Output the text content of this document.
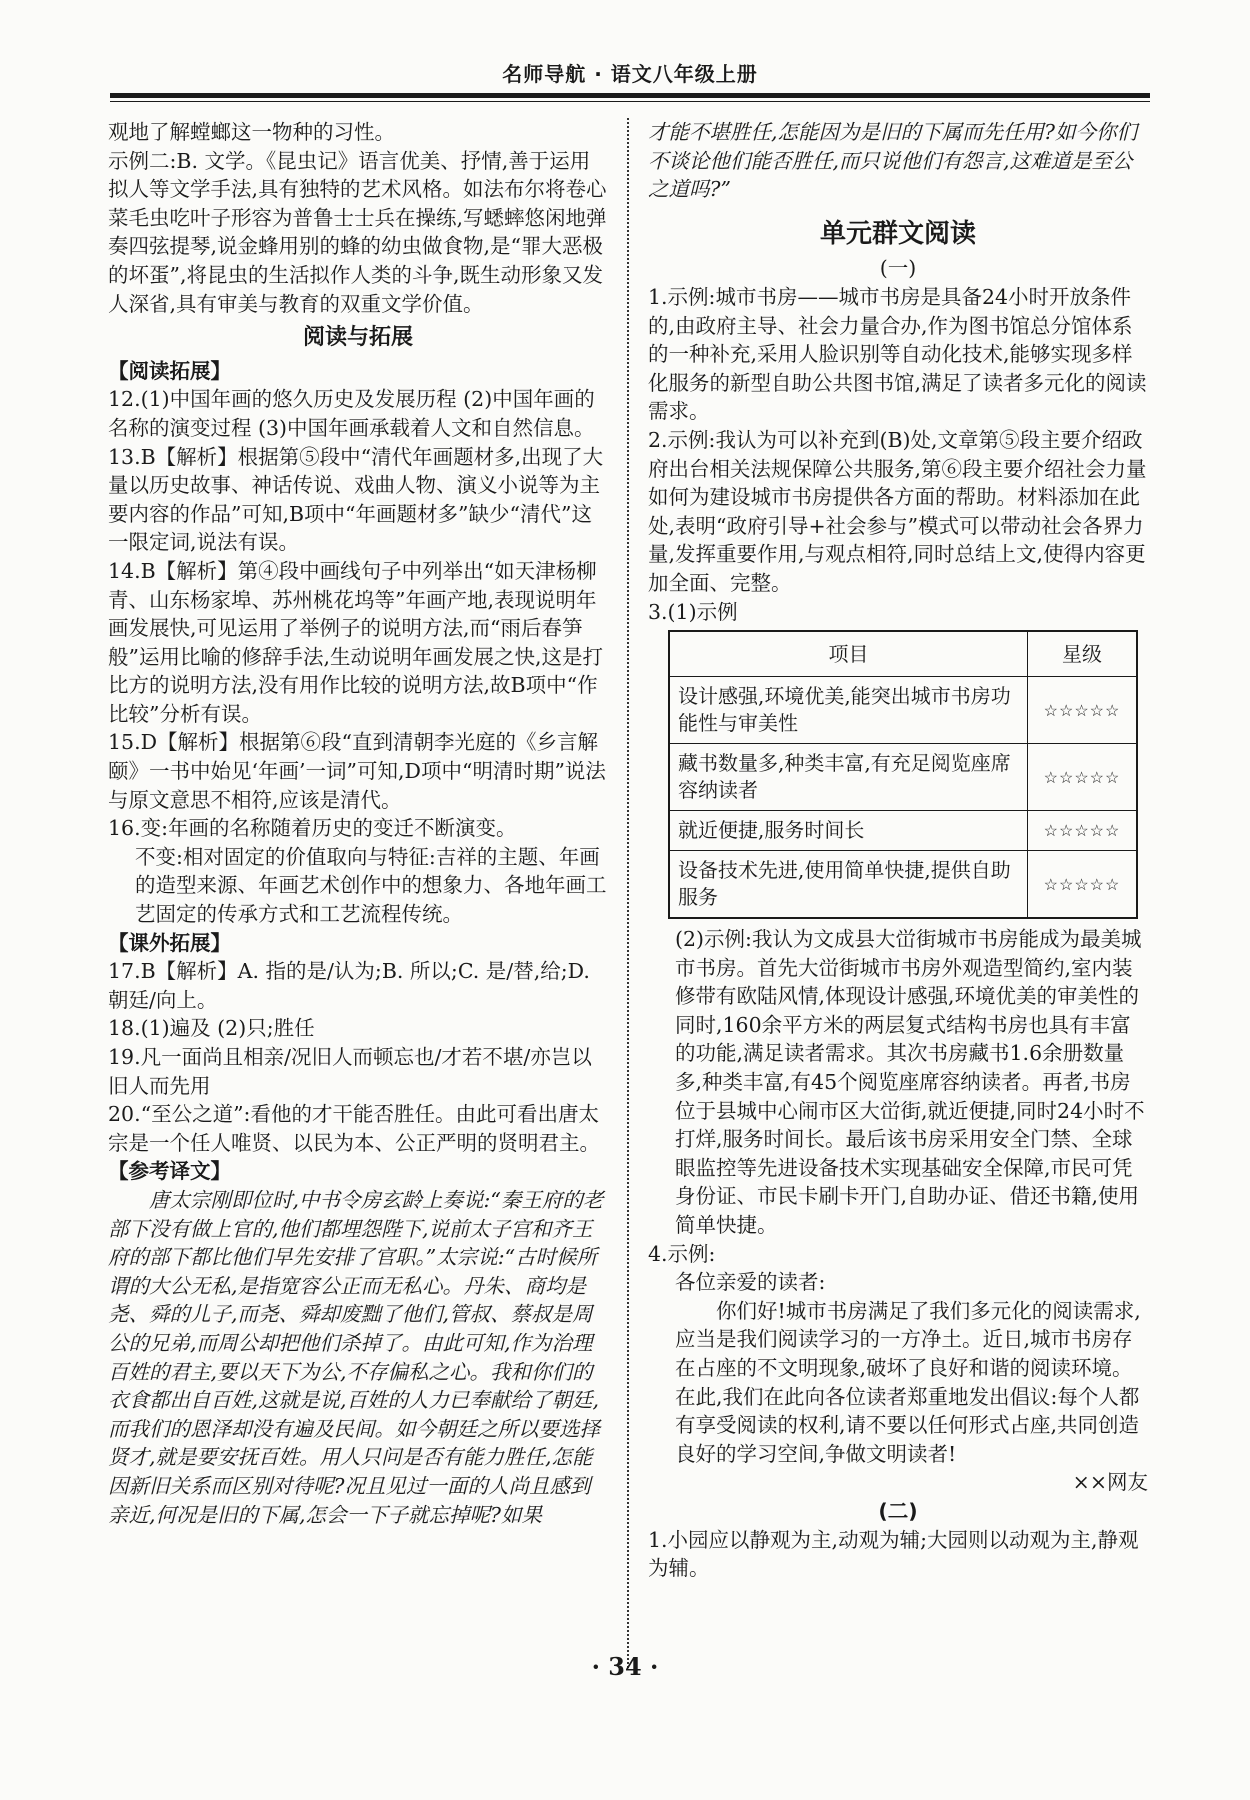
名师导航 · 语文八年级上册

观地了解螳螂这一物种的习性。

示例二:B. 文学。《昆虫记》语言优美、抒情,善于运用拟人等文学手法,具有独特的艺术风格。如法布尔将卷心菜毛虫吃叶子形容为普鲁士士兵在操练,写蟋蟀悠闲地弹奏四弦提琴,说金蜂用别的蜂的幼虫做食物,是“罪大恶极的坏蛋”,将昆虫的生活拟作人类的斗争,既生动形象又发人深省,具有审美与教育的双重文学价值。

阅读与拓展

【阅读拓展】

12.(1)中国年画的悠久历史及发展历程 (2)中国年画的名称的演变过程 (3)中国年画承载着人文和自然信息。

13.B【解析】根据第⑤段中“清代年画题材多,出现了大量以历史故事、神话传说、戏曲人物、演义小说等为主要内容的作品”可知,B项中“年画题材多”缺少“清代”这一限定词,说法有误。

14.B【解析】第④段中画线句子中列举出“如天津杨柳青、山东杨家埠、苏州桃花坞等”年画产地,表现说明年画发展快,可见运用了举例子的说明方法,而“雨后春笋般”运用比喻的修辞手法,生动说明年画发展之快,这是打比方的说明方法,没有用作比较的说明方法,故B项中“作比较”分析有误。

15.D【解析】根据第⑥段“直到清朝李光庭的《乡言解颐》一书中始见‘年画’一词”可知,D项中“明清时期”说法与原文意思不相符,应该是清代。

16.变:年画的名称随着历史的变迁不断演变。

不变:相对固定的价值取向与特征:吉祥的主题、年画的造型来源、年画艺术创作中的想象力、各地年画工艺固定的传承方式和工艺流程传统。

【课外拓展】

17.B【解析】A. 指的是/认为;B. 所以;C. 是/替,给;D. 朝廷/向上。

18.(1)遍及 (2)只;胜任

19.凡一面尚且相亲/况旧人而顿忘也/才若不堪/亦岂以旧人而先用

20.“至公之道”:看他的才干能否胜任。由此可看出唐太宗是一个任人唯贤、以民为本、公正严明的贤明君主。

【参考译文】

唐太宗刚即位时,中书令房玄龄上奏说:“秦王府的老部下没有做上官的,他们都埋怨陛下,说前太子宫和齐王府的部下都比他们早先安排了官职。”太宗说:“古时候所谓的大公无私,是指宽容公正而无私心。丹朱、商均是尧、舜的儿子,而尧、舜却废黜了他们,管叔、蔡叔是周公的兄弟,而周公却把他们杀掉了。由此可知,作为治理百姓的君主,要以天下为公,不存偏私之心。我和你们的衣食都出自百姓,这就是说,百姓的人力已奉献给了朝廷,而我们的恩泽却没有遍及民间。如今朝廷之所以要选择贤才,就是要安抚百姓。用人只问是否有能力胜任,怎能因新旧关系而区别对待呢?况且见过一面的人尚且感到亲近,何况是旧的下属,怎会一下子就忘掉呢?如果

才能不堪胜任,怎能因为是旧的下属而先任用?如今你们不谈论他们能否胜任,而只说他们有怨言,这难道是至公之道吗?”

单元群文阅读

(一)

1.示例:城市书房——城市书房是具备24小时开放条件的,由政府主导、社会力量合办,作为图书馆总分馆体系的一种补充,采用人脸识别等自动化技术,能够实现多样化服务的新型自助公共图书馆,满足了读者多元化的阅读需求。

2.示例:我认为可以补充到(B)处,文章第⑤段主要介绍政府出台相关法规保障公共服务,第⑥段主要介绍社会力量如何为建设城市书房提供各方面的帮助。材料添加在此处,表明“政府引导+社会参与”模式可以带动社会各界力量,发挥重要作用,与观点相符,同时总结上文,使得内容更加全面、完整。

3.(1)示例

项目	星级
设计感强,环境优美,能突出城市书房功能性与审美性	☆☆☆☆☆
藏书数量多,种类丰富,有充足阅览座席容纳读者	☆☆☆☆☆
就近便捷,服务时间长	☆☆☆☆☆
设备技术先进,使用简单快捷,提供自助服务	☆☆☆☆☆

(2)示例:我认为文成县大峃街城市书房能成为最美城市书房。首先大峃街城市书房外观造型简约,室内装修带有欧陆风情,体现设计感强,环境优美的审美性的同时,160余平方米的两层复式结构书房也具有丰富的功能,满足读者需求。其次书房藏书1.6余册数量多,种类丰富,有45个阅览座席容纳读者。再者,书房位于县城中心闹市区大峃街,就近便捷,同时24小时不打烊,服务时间长。最后该书房采用安全门禁、全球眼监控等先进设备技术实现基础安全保障,市民可凭身份证、市民卡刷卡开门,自助办证、借还书籍,使用简单快捷。

4.示例:

各位亲爱的读者:

你们好!城市书房满足了我们多元化的阅读需求,应当是我们阅读学习的一方净土。近日,城市书房存在占座的不文明现象,破坏了良好和谐的阅读环境。在此,我们在此向各位读者郑重地发出倡议:每个人都有享受阅读的权利,请不要以任何形式占座,共同创造良好的学习空间,争做文明读者!

××网友

(二)

1.小园应以静观为主,动观为辅;大园则以动观为主,静观为辅。

· 34 ·
